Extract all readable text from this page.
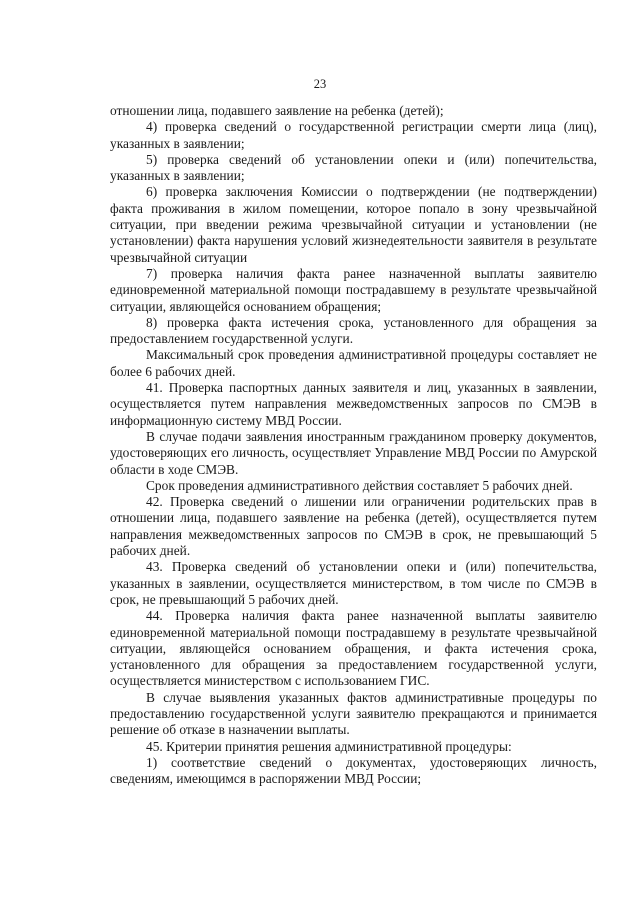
23

отношении лица, подавшего заявление на ребенка (детей);

4) проверка сведений о государственной регистрации смерти лица (лиц), указанных в заявлении;

5) проверка сведений об установлении опеки и (или) попечительства, указанных в заявлении;

6) проверка заключения Комиссии о подтверждении (не подтверждении) факта проживания в жилом помещении, которое попало в зону чрезвычайной ситуации, при введении режима чрезвычайной ситуации и установлении (не установлении) факта нарушения условий жизнедеятельности заявителя в результате чрезвычайной ситуации

7) проверка наличия факта ранее назначенной выплаты заявителю единовременной материальной помощи пострадавшему в результате чрезвычайной ситуации, являющейся основанием обращения;

8) проверка факта истечения срока, установленного для обращения за предоставлением государственной услуги.

Максимальный срок проведения административной процедуры составляет не более 6 рабочих дней.

41. Проверка паспортных данных заявителя и лиц, указанных в заявлении, осуществляется путем направления межведомственных запросов по СМЭВ в информационную систему МВД России.

В случае подачи заявления иностранным гражданином проверку документов, удостоверяющих его личность, осуществляет Управление МВД России по Амурской области в ходе СМЭВ.

Срок проведения административного действия составляет 5 рабочих дней.

42. Проверка сведений о лишении или ограничении родительских прав в отношении лица, подавшего заявление на ребенка (детей), осуществляется путем направления межведомственных запросов по СМЭВ в срок, не превышающий 5 рабочих дней.

43. Проверка сведений об установлении опеки и (или) попечительства, указанных в заявлении, осуществляется министерством, в том числе по СМЭВ в срок, не превышающий 5 рабочих дней.

44. Проверка наличия факта ранее назначенной выплаты заявителю единовременной материальной помощи пострадавшему в результате чрезвычайной ситуации, являющейся основанием обращения, и факта истечения срока, установленного для обращения за предоставлением государственной услуги, осуществляется министерством с использованием ГИС.

В случае выявления указанных фактов административные процедуры по предоставлению государственной услуги заявителю прекращаются и принимается решение об отказе в назначении выплаты.

45. Критерии принятия решения административной процедуры:

1) соответствие сведений о документах, удостоверяющих личность, сведениям, имеющимся в распоряжении МВД России;
